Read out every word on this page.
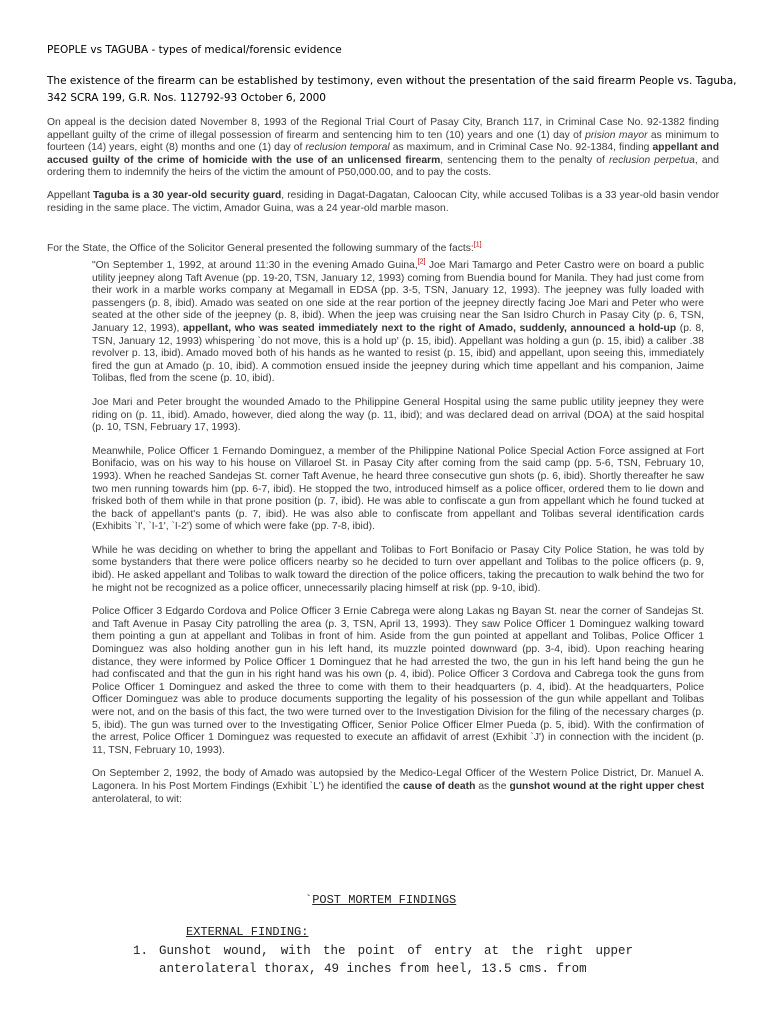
PEOPLE vs TAGUBA - types of medical/forensic evidence
The existence of the firearm can be established by testimony, even without the presentation of the said firearm People vs. Taguba, 342 SCRA 199, G.R. Nos. 112792-93 October 6, 2000

On appeal is the decision dated November 8, 1993 of the Regional Trial Court of Pasay City, Branch 117, in Criminal Case No. 92-1382 finding appellant guilty of the crime of illegal possession of firearm and sentencing him to ten (10) years and one (1) day of prision mayor as minimum to fourteen (14) years, eight (8) months and one (1) day of reclusion temporal as maximum, and in Criminal Case No. 92-1384, finding appellant and accused guilty of the crime of homicide with the use of an unlicensed firearm, sentencing them to the penalty of reclusion perpetua, and ordering them to indemnify the heirs of the victim the amount of P50,000.00, and to pay the costs.

Appellant Taguba is a 30 year-old security guard, residing in Dagat-Dagatan, Caloocan City, while accused Tolibas is a 33 year-old basin vendor residing in the same place. The victim, Amador Guina, was a 24 year-old marble mason.

For the State, the Office of the Solicitor General presented the following summary of the facts:[1]

"On September 1, 1992, at around 11:30 in the evening Amado Guina,[2] Joe Mari Tamargo and Peter Castro were on board a public utility jeepney along Taft Avenue (pp. 19-20, TSN, January 12, 1993) coming from Buendia bound for Manila. They had just come from their work in a marble works company at Megamall in EDSA (pp. 3-5, TSN, January 12, 1993). The jeepney was fully loaded with passengers (p. 8, ibid). Amado was seated on one side at the rear portion of the jeepney directly facing Joe Mari and Peter who were seated at the other side of the jeepney (p. 8, ibid). When the jeep was cruising near the San Isidro Church in Pasay City (p. 6, TSN, January 12, 1993), appellant, who was seated immediately next to the right of Amado, suddenly, announced a hold-up (p. 8, TSN, January 12, 1993) whispering `do not move, this is a hold up' (p. 15, ibid). Appellant was holding a gun (p. 15, ibid) a caliber .38 revolver p. 13, ibid). Amado moved both of his hands as he wanted to resist (p. 15, ibid) and appellant, upon seeing this, immediately fired the gun at Amado (p. 10, ibid). A commotion ensued inside the jeepney during which time appellant and his companion, Jaime Tolibas, fled from the scene (p. 10, ibid).

Joe Mari and Peter brought the wounded Amado to the Philippine General Hospital using the same public utility jeepney they were riding on (p. 11, ibid). Amado, however, died along the way (p. 11, ibid); and was declared dead on arrival (DOA) at the said hospital (p. 10, TSN, February 17, 1993).

Meanwhile, Police Officer 1 Fernando Dominguez, a member of the Philippine National Police Special Action Force assigned at Fort Bonifacio, was on his way to his house on Villaroel St. in Pasay City after coming from the said camp (pp. 5-6, TSN, February 10, 1993). When he reached Sandejas St. corner Taft Avenue, he heard three consecutive gun shots (p. 6, ibid). Shortly thereafter he saw two men running towards him (pp. 6-7, ibid). He stopped the two, introduced himself as a police officer, ordered them to lie down and frisked both of them while in that prone position (p. 7, ibid). He was able to confiscate a gun from appellant which he found tucked at the back of appellant's pants (p. 7, ibid). He was also able to confiscate from appellant and Tolibas several identification cards (Exhibits `I', `I-1', `I-2') some of which were fake (pp. 7-8, ibid).

While he was deciding on whether to bring the appellant and Tolibas to Fort Bonifacio or Pasay City Police Station, he was told by some bystanders that there were police officers nearby so he decided to turn over appellant and Tolibas to the police officers (p. 9, ibid). He asked appellant and Tolibas to walk toward the direction of the police officers, taking the precaution to walk behind the two for he might not be recognized as a police officer, unnecessarily placing himself at risk (pp. 9-10, ibid).

Police Officer 3 Edgardo Cordova and Police Officer 3 Ernie Cabrega were along Lakas ng Bayan St. near the corner of Sandejas St. and Taft Avenue in Pasay City patrolling the area (p. 3, TSN, April 13, 1993). They saw Police Officer 1 Dominguez walking toward them pointing a gun at appellant and Tolibas in front of him. Aside from the gun pointed at appellant and Tolibas, Police Officer 1 Dominguez was also holding another gun in his left hand, its muzzle pointed downward (pp. 3-4, ibid). Upon reaching hearing distance, they were informed by Police Officer 1 Dominguez that he had arrested the two, the gun in his left hand being the gun he had confiscated and that the gun in his right hand was his own (p. 4, ibid). Police Officer 3 Cordova and Cabrega took the guns from Police Officer 1 Dominguez and asked the three to come with them to their headquarters (p. 4, ibid). At the headquarters, Police Officer Dominguez was able to produce documents supporting the legality of his possession of the gun while appellant and Tolibas were not, and on the basis of this fact, the two were turned over to the Investigation Division for the filing of the necessary charges (p. 5, ibid). The gun was turned over to the Investigating Officer, Senior Police Officer Elmer Pueda (p. 5, ibid). With the confirmation of the arrest, Police Officer 1 Dominguez was requested to execute an affidavit of arrest (Exhibit `J') in connection with the incident (p. 11, TSN, February 10, 1993).

On September 2, 1992, the body of Amado was autopsied by the Medico-Legal Officer of the Western Police District, Dr. Manuel A. Lagonera. In his Post Mortem Findings (Exhibit `L') he identified the cause of death as the gunshot wound at the right upper chest anterolateral, to wit:

`POST MORTEM FINDINGS
EXTERNAL FINDING:
1. Gunshot wound, with the point of entry at the right upper anterolateral thorax, 49 inches from heel, 13.5 cms. from
